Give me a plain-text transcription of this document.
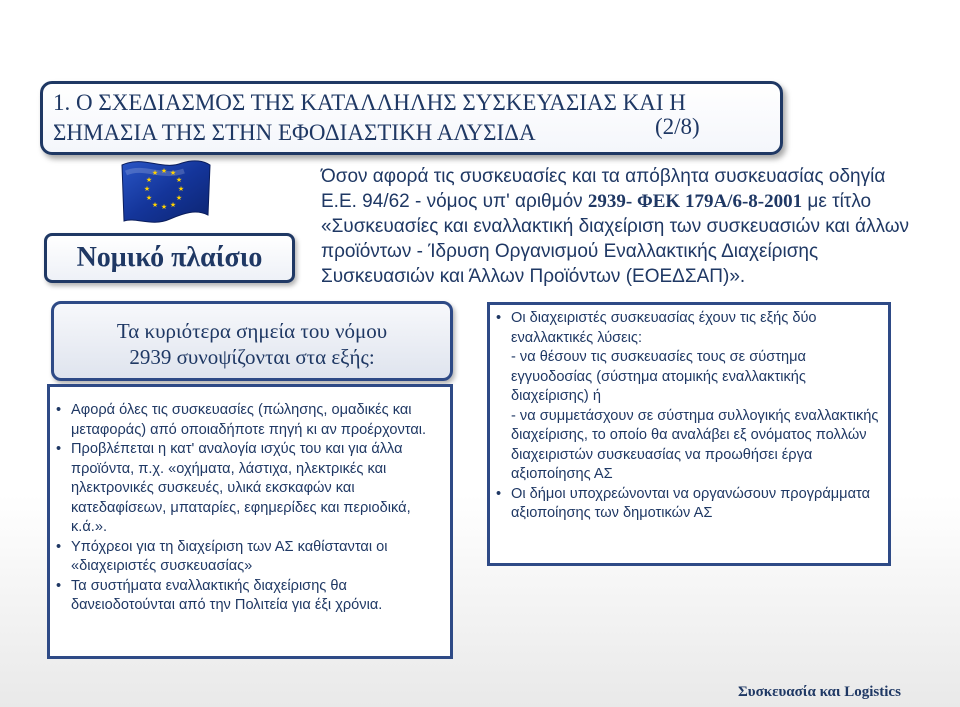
1. Ο ΣΧΕΔΙΑΣΜΟΣ ΤΗΣ ΚΑΤΑΛΛΗΛΗΣ ΣΥΣΚΕΥΑΣΙΑΣ ΚΑΙ Η
ΣΗΜΑΣΙΑ ΤΗΣ ΣΤΗΝ ΕΦΟΔΙΑΣΤΙΚΗ ΑΛΥΣΙΔΑ	(2/8)
★ ★
★
★
★
★
★
★
★
★
★
★
Νομικό πλαίσιο
Όσον αφορά τις συσκευασίες και τα απόβλητα συσκευασίας οδηγία Ε.Ε. 94/62 - νόμος υπ' αριθμόν 2939- ΦΕΚ 179Α/6-8-2001 με τίτλο «Συσκευασίες και εναλλακτική διαχείριση των συσκευασιών και άλλων προϊόντων - Ίδρυση Οργανισμού Εναλλακτικής Διαχείρισης Συσκευασιών και Άλλων Προϊόντων (ΕΟΕΔΣΑΠ)».
Τα κυριότερα σημεία του νόμου
2939 συνοψίζονται στα εξής:
• Αφορά όλες τις συσκευασίες (πώλησης, ομαδικές και μεταφοράς) από οποιαδήποτε πηγή κι αν προέρχονται.
• Προβλέπεται η κατ' αναλογία ισχύς του και για άλλα προϊόντα, π.χ. «οχήματα, λάστιχα, ηλεκτρικές και ηλεκτρονικές συσκευές, υλικά εκσκαφών και κατεδαφίσεων, μπαταρίες, εφημερίδες και περιοδικά, κ.ά.».
• Υπόχρεοι για τη διαχείριση των ΑΣ καθίστανται οι «διαχειριστές συσκευασίας»
• Τα συστήματα εναλλακτικής διαχείρισης θα δανειοδοτούνται από την Πολιτεία για έξι χρόνια.
• Οι διαχειριστές συσκευασίας έχουν τις εξής δύο εναλλακτικές λύσεις:
- να θέσουν τις συσκευασίες τους σε σύστημα εγγυοδοσίας (σύστημα ατομικής εναλλακτικής διαχείρισης) ή
- να συμμετάσχουν σε σύστημα συλλογικής εναλλακτικής διαχείρισης, το οποίο θα αναλάβει εξ ονόματος πολλών διαχειριστών συσκευασίας να προωθήσει έργα αξιοποίησης ΑΣ
• Οι δήμοι υποχρεώνονται να οργανώσουν προγράμματα αξιοποίησης των δημοτικών ΑΣ
Συσκευασία και Logistics
